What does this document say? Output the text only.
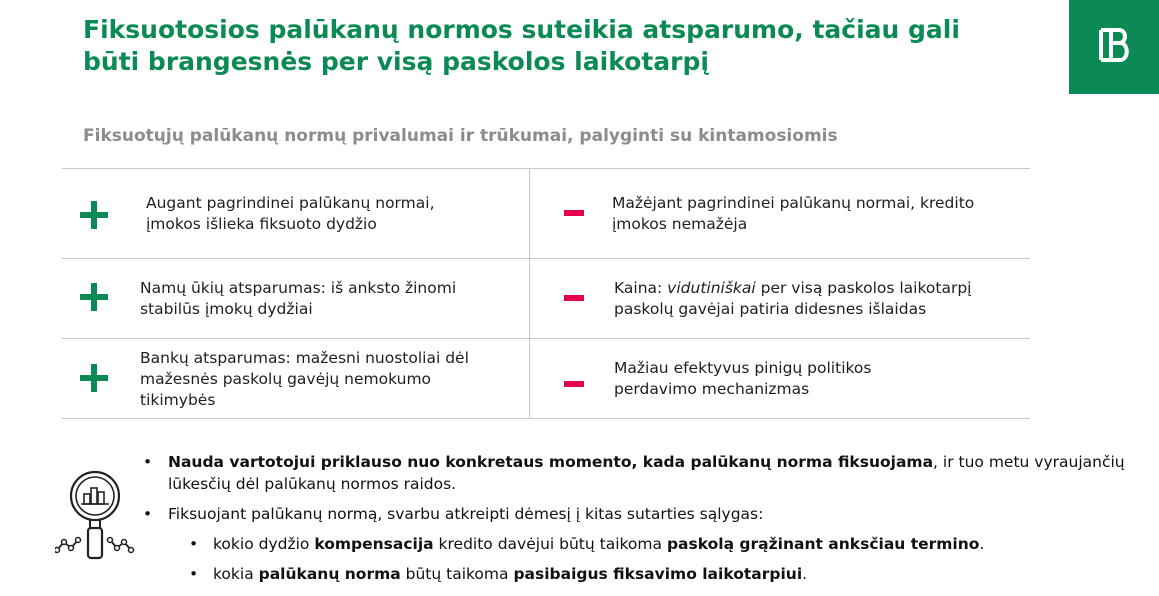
Fiksuotosios palūkanų normos suteikia atsparumo, tačiau gali
būti brangesnės per visą paskolos laikotarpį

Fiksuotųjų palūkanų normų privalumai ir trūkumai, palyginti su kintamosiomis

Augant pagrindinei palūkanų normai, įmokos išlieka fiksuoto dydžio
Namų ūkių atsparumas: iš anksto žinomi stabilūs įmokų dydžiai
Bankų atsparumas: mažesni nuostoliai dėl mažesnės paskolų gavėjų nemokumo tikimybės
Mažėjant pagrindinei palūkanų normai, kredito įmokos nemažėja
Kaina: vidutiniškai per visą paskolos laikotarpį paskolų gavėjai patiria didesnes išlaidas
Mažiau efektyvus pinigų politikos perdavimo mechanizmas
• Nauda vartotojui priklauso nuo konkretaus momento, kada palūkanų norma fiksuojama, ir tuo metu vyraujančių lūkesčių dėl palūkanų normos raidos.
• Fiksuojant palūkanų normą, svarbu atkreipti dėmesį į kitas sutarties sąlygas:
• kokio dydžio kompensacija kredito davėjui būtų taikoma paskolą grąžinant anksčiau termino.
• kokia palūkanų norma būtų taikoma pasibaigus fiksavimo laikotarpiui.
